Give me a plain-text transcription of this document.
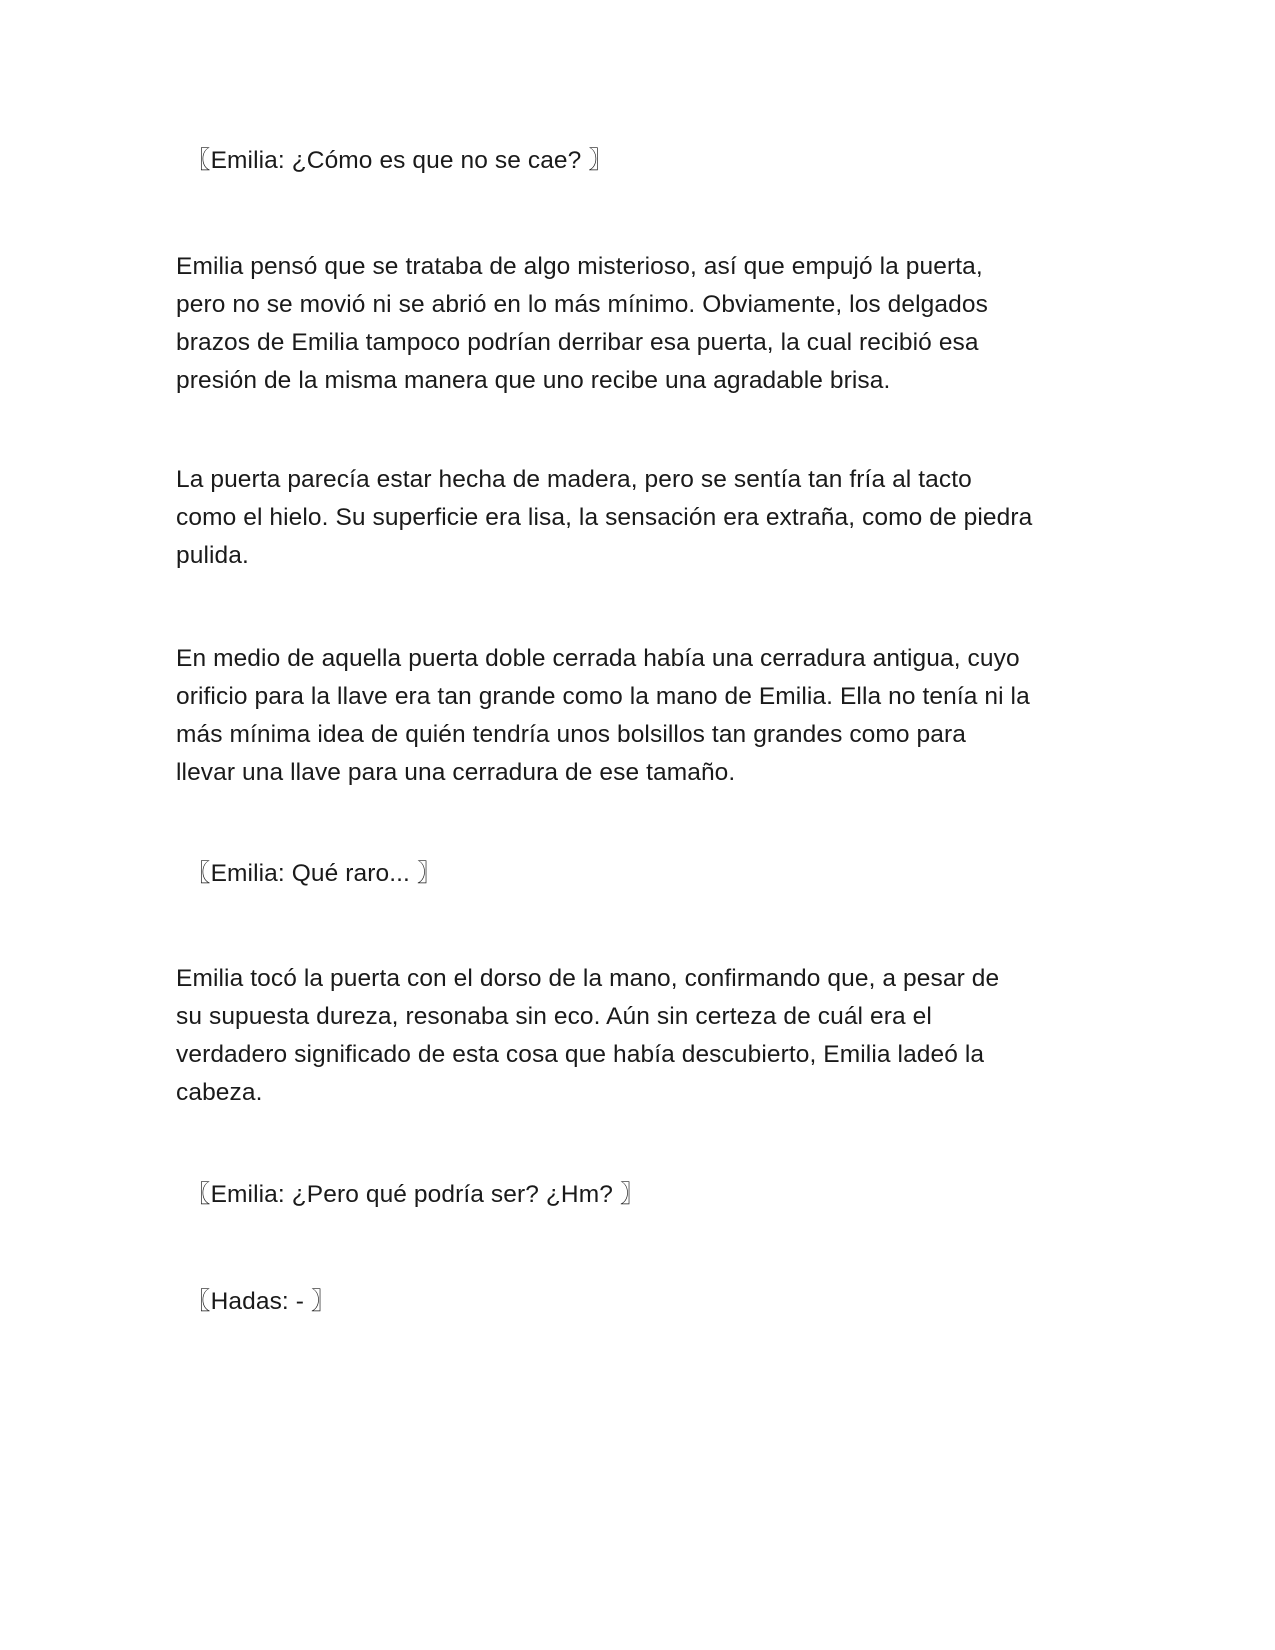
〖Emilia: ¿Cómo es que no se cae? 〗

Emilia pensó que se trataba de algo misterioso, así que empujó la puerta,
pero no se movió ni se abrió en lo más mínimo. Obviamente, los delgados
brazos de Emilia tampoco podrían derribar esa puerta, la cual recibió esa
presión de la misma manera que uno recibe una agradable brisa.

La puerta parecía estar hecha de madera, pero se sentía tan fría al tacto
como el hielo. Su superficie era lisa, la sensación era extraña, como de piedra
pulida.

En medio de aquella puerta doble cerrada había una cerradura antigua, cuyo
orificio para la llave era tan grande como la mano de Emilia. Ella no tenía ni la
más mínima idea de quién tendría unos bolsillos tan grandes como para
llevar una llave para una cerradura de ese tamaño.

〖Emilia: Qué raro... 〗

Emilia tocó la puerta con el dorso de la mano, confirmando que, a pesar de
su supuesta dureza, resonaba sin eco. Aún sin certeza de cuál era el
verdadero significado de esta cosa que había descubierto, Emilia ladeó la
cabeza.

〖Emilia: ¿Pero qué podría ser? ¿Hm? 〗

〖Hadas: - 〗
